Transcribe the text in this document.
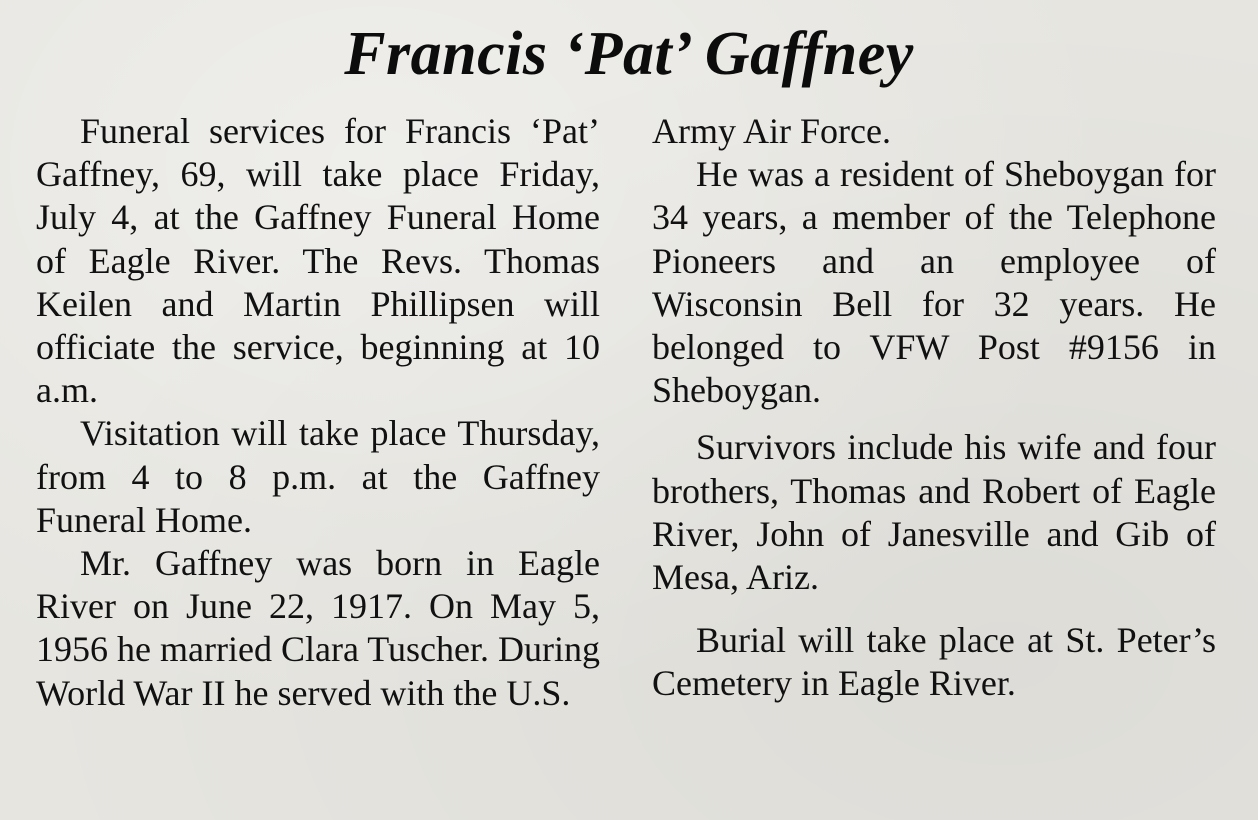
Francis ‘Pat’ Gaffney

Funeral services for Francis ‘Pat’ Gaffney, 69, will take place Friday, July 4, at the Gaffney Funeral Home of Eagle River. The Revs. Thomas Keilen and Martin Phillipsen will officiate the service, beginning at 10 a.m.

Visitation will take place Thursday, from 4 to 8 p.m. at the Gaffney Funeral Home.

Mr. Gaffney was born in Eagle River on June 22, 1917. On May 5, 1956 he married Clara Tuscher. During World War II he served with the U.S.

Army Air Force.

He was a resident of Sheboygan for 34 years, a member of the Telephone Pioneers and an employee of Wisconsin Bell for 32 years. He belonged to VFW Post #9156 in Sheboygan.

Survivors include his wife and four brothers, Thomas and Robert of Eagle River, John of Janesville and Gib of Mesa, Ariz.

Burial will take place at St. Peter’s Cemetery in Eagle River.
